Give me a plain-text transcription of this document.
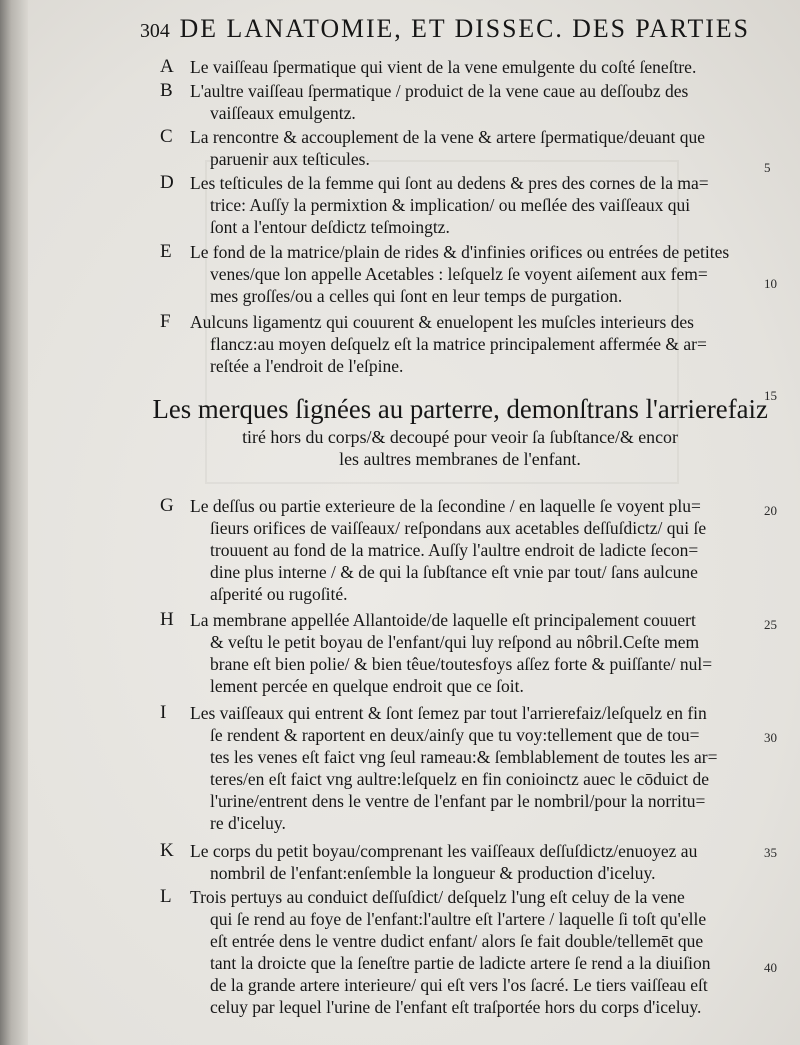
304 DE LANATOMIE, ET DISSEC. DES PARTIES
A Le vaiſſeau ſpermatique qui vient de la vene emulgente du coſté ſeneſtre.
B L'aultre vaiſſeau ſpermatique / produict de la vene caue au deſſoubz des
vaiſſeaux emulgentz.
C La rencontre & accouplement de la vene & artere ſpermatique/deuant que
paruenir aux teſticules.
D Les teſticules de la femme qui ſont au dedens & pres des cornes de la ma=
trice: Auſſy la permixtion & implication/ ou meſlée des vaiſſeaux qui
ſont a l'entour deſdictz teſmoingtz.
E	Le fond de la matrice/plain de rides & d'infinies orifices ou entrées de petites
venes/que lon appelle Acetables : leſquelz ſe voyent aiſement aux fem=
mes groſſes/ou a celles qui ſont en leur temps de purgation.
F	Aulcuns ligamentz qui couurent & enuelopent les muſcles interieurs des
flancz:au moyen deſquelz eſt la matrice principalement affermée & ar=
reſtée a l'endroit de l'eſpine.
Les merques ſignées au parterre, demonſtrans l'arrierefaiz
tiré hors du corps/& decoupé pour veoir ſa ſubſtance/& encor
les aultres membranes de l'enfant.
G Le deſſus ou partie exterieure de la ſecondine / en laquelle ſe voyent plu=
ſieurs orifices de vaiſſeaux/ reſpondans aux acetables deſſuſdictz/ qui ſe
trouuent au fond de la matrice. Auſſy l'aultre endroit de ladicte ſecon=
dine plus interne / & de qui la ſubſtance eſt vnie par tout/ ſans aulcune
aſperité ou rugoſité.
H La membrane appellée Allantoide/de laquelle eſt principalement couuert
& veſtu le petit boyau de l'enfant/qui luy reſpond au nôbril.Ceſte mem
brane eſt bien polie/ & bien têue/toutesfoys aſſez forte & puiſſante/ nul=
lement percée en quelque endroit que ce ſoit.
I	Les vaiſſeaux qui entrent & ſont ſemez par tout l'arrierefaiz/leſquelz en fin
ſe rendent & raportent en deux/ainſy que tu voy:tellement que de tou=
tes les venes eſt faict vng ſeul rameau:& ſemblablement de toutes les ar=
teres/en eſt faict vng aultre:leſquelz en fin conioinctz auec le cōduict de
l'urine/entrent dens le ventre de l'enfant par le nombril/pour la norritu=
re d'iceluy.
K Le corps du petit boyau/comprenant les vaiſſeaux deſſuſdictz/enuoyez au
nombril de l'enfant:enſemble la longueur & production d'iceluy.
L	Trois pertuys au conduict deſſuſdict/ deſquelz l'ung eſt celuy de la vene
qui ſe rend au foye de l'enfant:l'aultre eſt l'artere / laquelle ſi toſt qu'elle
eſt entrée dens le ventre dudict enfant/ alors ſe fait double/tellemēt que
tant la droicte que la ſeneſtre partie de ladicte artere ſe rend a la diuiſion
de la grande artere interieure/ qui eſt vers l'os ſacré. Le tiers vaiſſeau eſt
celuy par lequel l'urine de l'enfant eſt traſportée hors du corps d'iceluy.
5
10
15
20
25
30
35
40
